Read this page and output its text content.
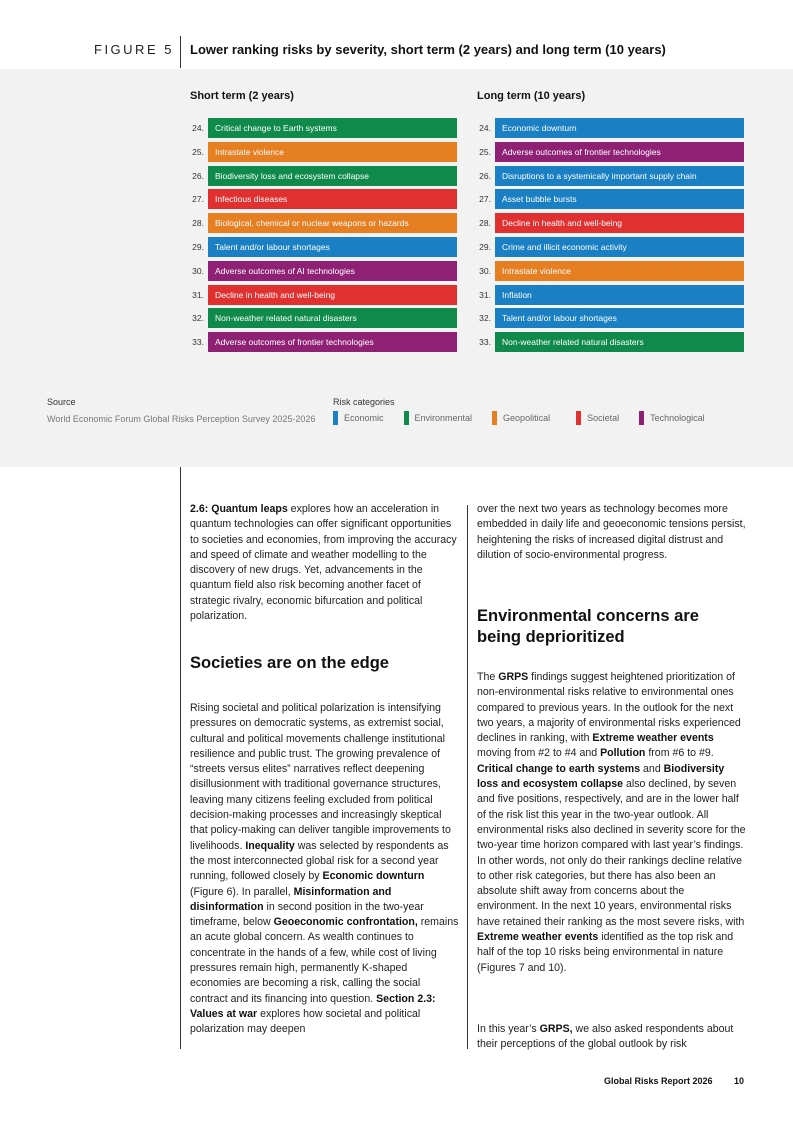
FIGURE 5 Lower ranking risks by severity, short term (2 years) and long term (10 years)
Short term (2 years)	Long term (10 years)
24.	Critical change to Earth systems
25.	Intrastate violence
26.	Biodiversity loss and ecosystem collapse
27.	Infectious diseases
28.	Biological, chemical or nuclear weapons or hazards
29.	Talent and/or labour shortages
30.	Adverse outcomes of AI technologies
31.	Decline in health and well-being
32.	Non-weather related natural disasters
33.	Adverse outcomes of frontier technologies
24.	Economic downturn
25.	Adverse outcomes of frontier technologies
26.	Disruptions to a systemically important supply chain
27.	Asset bubble bursts
28.	Decline in health and well-being
29.	Crime and illicit economic activity
30.	Intrastate violence
31.	Inflation
32.	Talent and/or labour shortages
33.	Non-weather related natural disasters
Source
World Economic Forum Global Risks Perception Survey 2025-2026
Risk categories
Economic	Environmental	Geopolitical	Societal	Technological

2.6: Quantum leaps explores how an acceleration in quantum technologies can offer significant opportunities to societies and economies, from improving the accuracy and speed of climate and weather modelling to the discovery of new drugs. Yet, advancements in the quantum field also risk becoming another facet of strategic rivalry, economic bifurcation and political polarization.

Societies are on the edge

Rising societal and political polarization is intensifying pressures on democratic systems, as extremist social, cultural and political movements challenge institutional resilience and public trust. The growing prevalence of “streets versus elites” narratives reflect deepening disillusionment with traditional governance structures, leaving many citizens feeling excluded from political decision-making processes and increasingly skeptical that policy-making can deliver tangible improvements to livelihoods. Inequality was selected by respondents as the most interconnected global risk for a second year running, followed closely by Economic downturn (Figure 6). In parallel, Misinformation and disinformation in second position in the two-year timeframe, below Geoeconomic confrontation, remains an acute global concern. As wealth continues to concentrate in the hands of a few, while cost of living pressures remain high, permanently K-shaped economies are becoming a risk, calling the social contract and its financing into question. Section 2.3: Values at war explores how societal and political polarization may deepen

over the next two years as technology becomes more embedded in daily life and geoeconomic tensions persist, heightening the risks of increased digital distrust and dilution of socio-environmental progress.

Environmental concerns are being deprioritized

The GRPS findings suggest heightened prioritization of non-environmental risks relative to environmental ones compared to previous years. In the outlook for the next two years, a majority of environmental risks experienced declines in ranking, with Extreme weather events moving from #2 to #4 and Pollution from #6 to #9. Critical change to earth systems and Biodiversity loss and ecosystem collapse also declined, by seven and five positions, respectively, and are in the lower half of the risk list this year in the two-year outlook. All environmental risks also declined in severity score for the two-year time horizon compared with last year’s findings. In other words, not only do their rankings decline relative to other risk categories, but there has also been an absolute shift away from concerns about the environment. In the next 10 years, environmental risks have retained their ranking as the most severe risks, with Extreme weather events identified as the top risk and half of the top 10 risks being environmental in nature (Figures 7 and 10).

In this year’s GRPS, we also asked respondents about their perceptions of the global outlook by risk

Global Risks Report 2026 10
